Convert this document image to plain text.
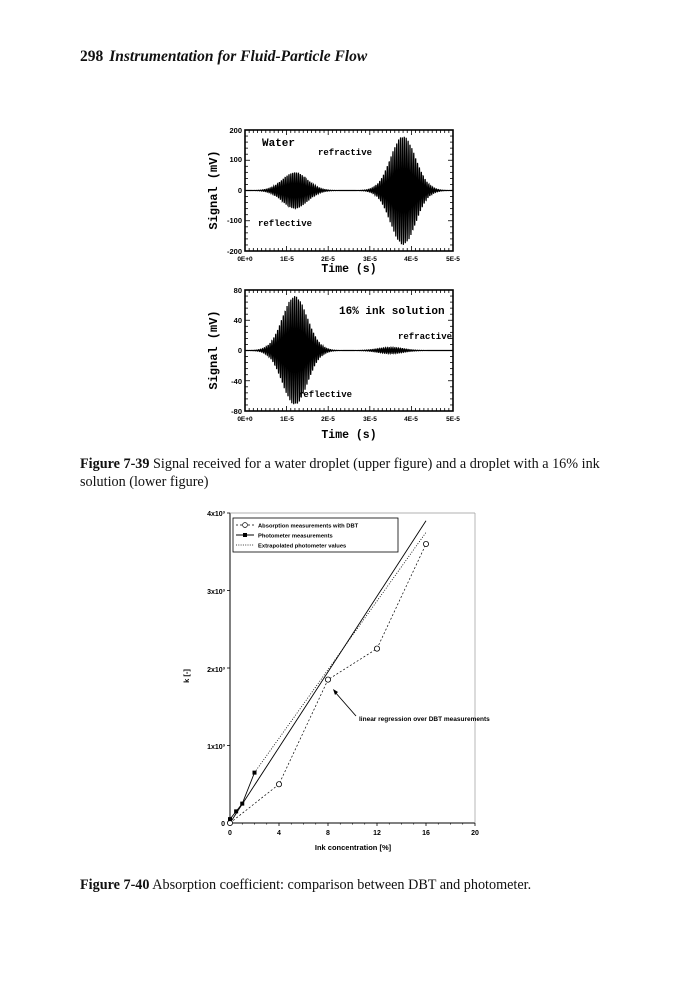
298 Instrumentation for Fluid-Particle Flow
Water
refractive
reflective
200
100
0
-100
-200
0E+0	1E-5	2E-5	3E-5	4E-5	5E-5
Time (s)
Signal (mV)
16% ink solution
refractive
reflective
80
40
0
-40
-80
0E+0	1E-5	2E-5	3E-5	4E-5	5E-5
Time (s)
Signal (mV)
0
1x10³
2x10³
3x10³
4x10³
0	4	8	12	16	20
Ink concentration [%]
k [-]
Absorption measurements with DBT
Photometer measurements
Extrapolated photometer values
linear regression over DBT measurements
Figure 7-39 Signal received for a water droplet (upper figure) and a droplet with a 16% ink solution (lower figure)
Figure 7-40 Absorption coefficient: comparison between DBT and photometer.
